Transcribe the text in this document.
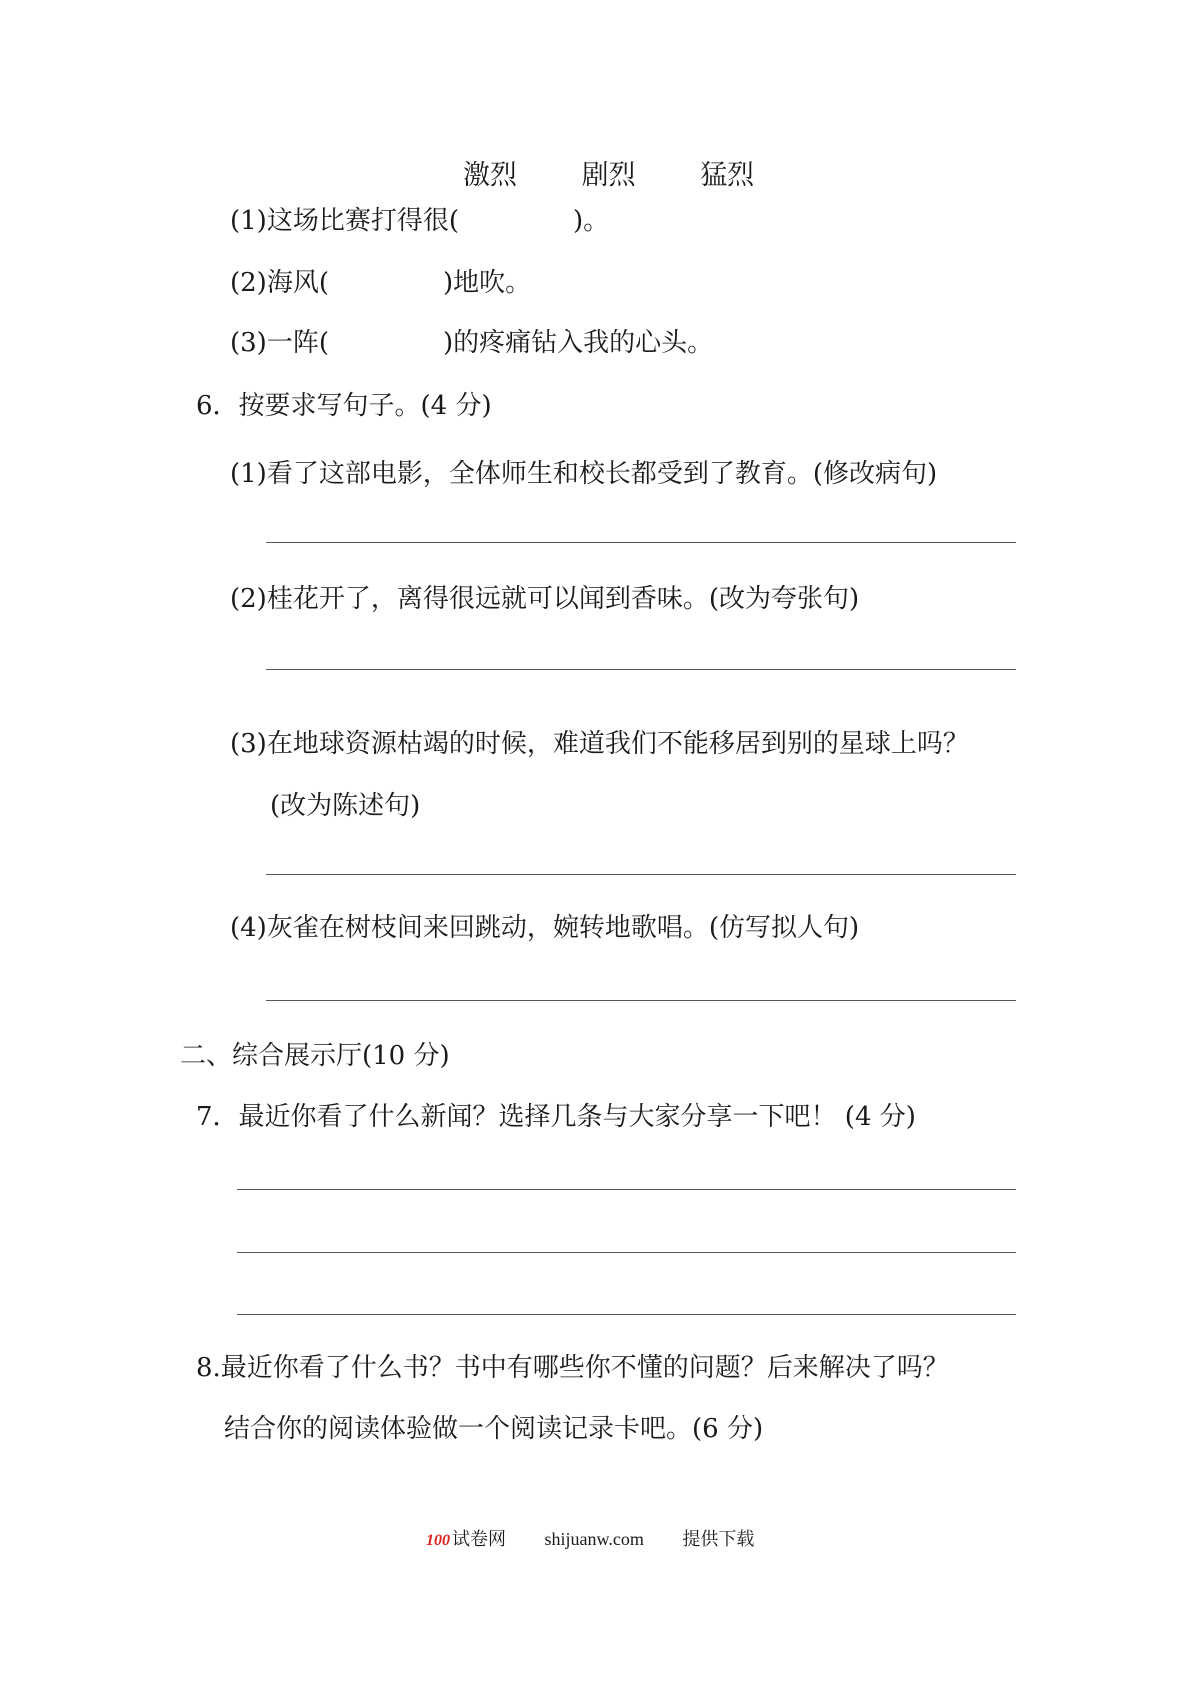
激烈 剧烈 猛烈
(1)这场比赛打得很(	)。
(2)海风(	)地吹。
(3)一阵(	)的疼痛钻入我的心头。
6．按要求写句子。(4 分)
(1)看了这部电影，全体师生和校长都受到了教育。(修改病句)
(2)桂花开了，离得很远就可以闻到香味。(改为夸张句)
(3)在地球资源枯竭的时候，难道我们不能移居到别的星球上吗？
(改为陈述句)
(4)灰雀在树枝间来回跳动，婉转地歌唱。(仿写拟人句)
二、综合展示厅(10 分)
7．最近你看了什么新闻？选择几条与大家分享一下吧！ (4 分)
8.最近你看了什么书？书中有哪些你不懂的问题？后来解决了吗？
结合你的阅读体验做一个阅读记录卡吧。(6 分)
100 试卷网 shijuanw.com 提供下载
